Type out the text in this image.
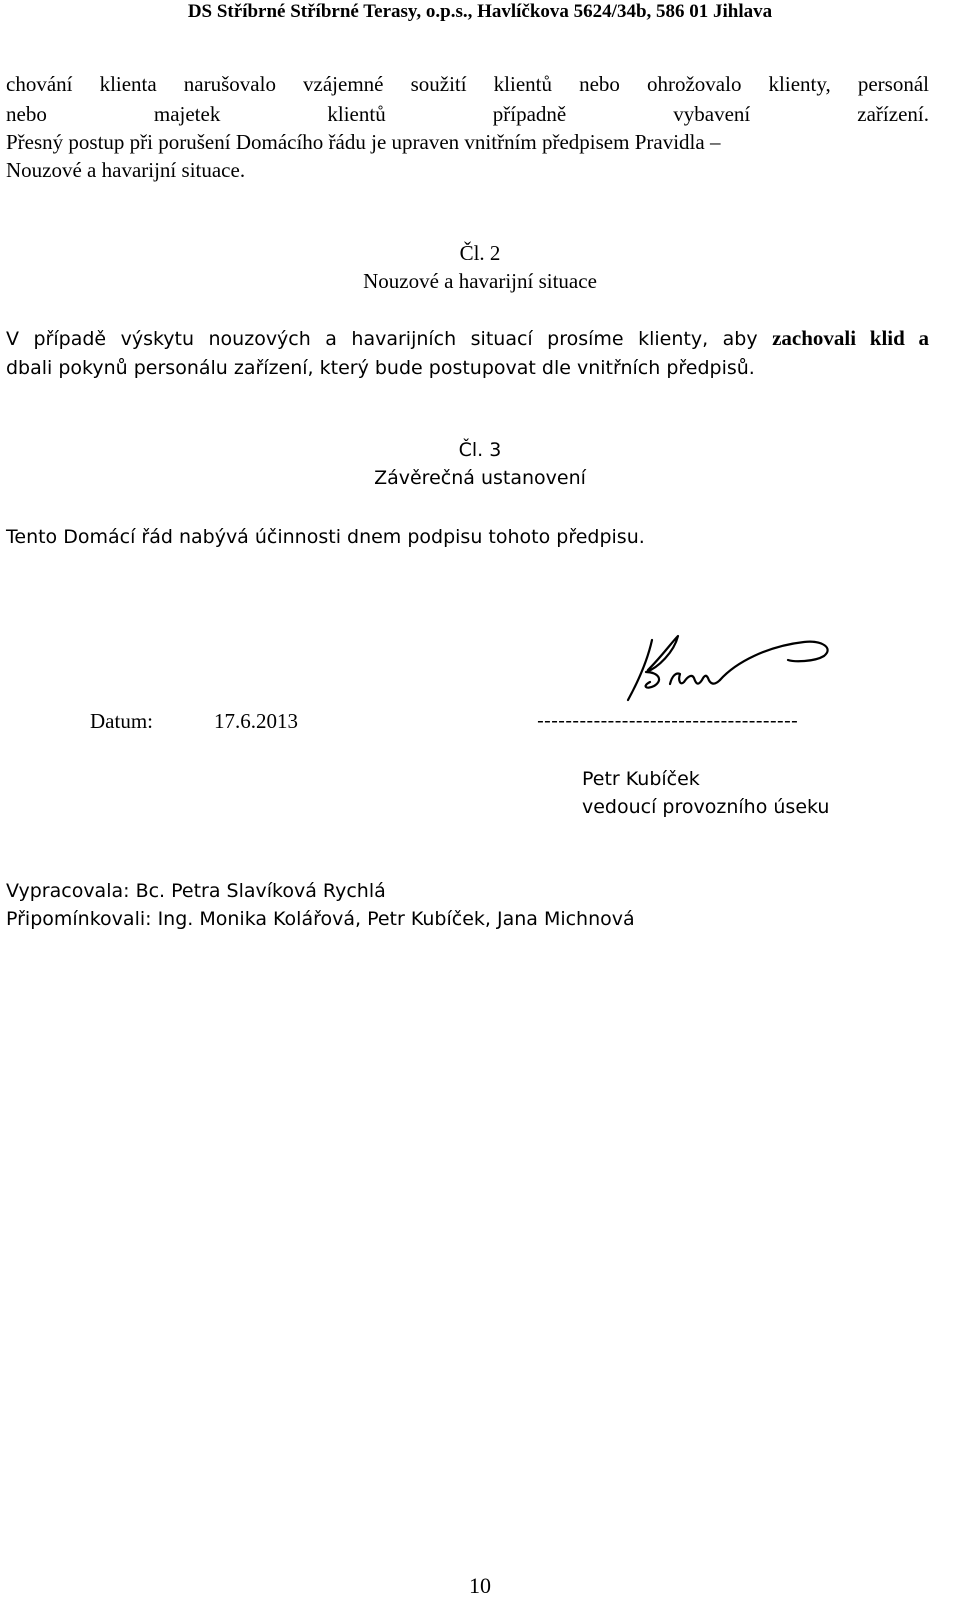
DS Stříbrné Stříbrné Terasy, o.p.s., Havlíčkova 5624/34b, 586 01 Jihlava
chování klienta narušovalo vzájemné soužití klientů nebo ohrožovalo klienty, personál
nebo majetek klientů případně vybavení zařízení.
Přesný postup při porušení Domácího řádu je upraven vnitřním předpisem Pravidla –
Nouzové a havarijní situace.
Čl. 2
Nouzové a havarijní situace
V případě výskytu nouzových a havarijních situací prosíme klienty, aby zachovali klid a
dbali pokynů personálu zařízení, který bude postupovat dle vnitřních předpisů.
Čl. 3
Závěrečná ustanovení
Tento Domácí řád nabývá účinnosti dnem podpisu tohoto předpisu.
Datum:	17.6.2013	-------------------------------------
Petr Kubíček
vedoucí provozního úseku
Vypracovala: Bc. Petra Slavíková Rychlá
Připomínkovali: Ing. Monika Kolářová, Petr Kubíček, Jana Michnová
10
